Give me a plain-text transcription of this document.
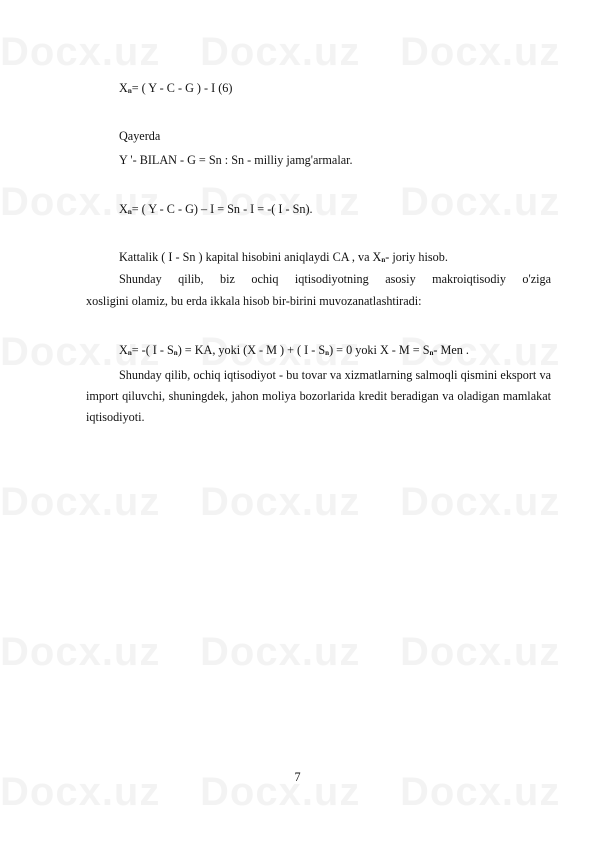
$X_n=$ ( Y - C - G ) - I (6)
Qayerda
Y '- BILAN - G = Sn : Sn - milliy jamg'armalar.
$X_n=$ ( Y - C - G) – I = Sn - I = -( I - Sn).
Kattalik ( I - Sn ) kapital hisobini aniqlaydi CA , va $X_n-$ joriy hisob.
Shunday qilib, biz ochiq iqtisodiyotning asosiy makroiqtisodiy o'ziga
xosligini olamiz, bu erda ikkala hisob bir-birini muvozanatlashtiradi:
$X_n=$ -( I - $S_n$) = KA, yoki (X - M ) + ( $I - S_n) = 0$ yoki $X - M = S_n-$ Men .
Shunday qilib, ochiq iqtisodiyot - bu tovar va xizmatlarning salmoqli qismini eksport va import qiluvchi, shuningdek, jahon moliya bozorlarida kredit beradigan va oladigan mamlakat iqtisodiyoti.
7
